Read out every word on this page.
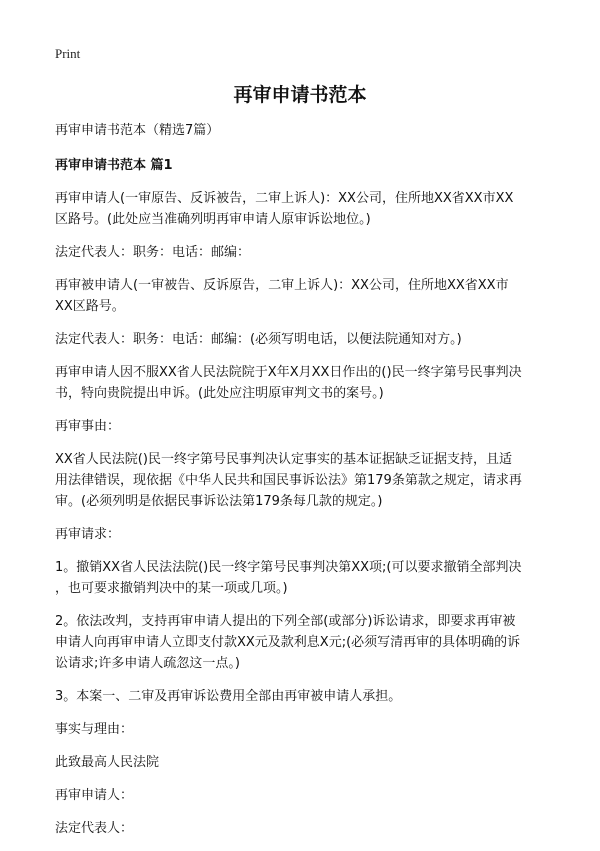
Print
再审申请书范本

再审申请书范本（精选7篇）

再审申请书范本 篇1

再审申请人(一审原告、反诉被告，二审上诉人)：XX公司，住所地XX省XX市XX
区路号。(此处应当准确列明再审申请人原审诉讼地位。)

法定代表人：职务：电话：邮编：

再审被申请人(一审被告、反诉原告，二审上诉人)：XX公司，住所地XX省XX市
XX区路号。

法定代表人：职务：电话：邮编：(必须写明电话，以便法院通知对方。)

再审申请人因不服XX省人民法院院于X年X月XX日作出的()民一终字第号民事判决
书，特向贵院提出申诉。(此处应注明原审判文书的案号。)

再审事由：

XX省人民法院()民一终字第号民事判决认定事实的基本证据缺乏证据支持，且适
用法律错误，现依据《中华人民共和国民事诉讼法》第179条第款之规定，请求再
审。(必须列明是依据民事诉讼法第179条每几款的规定。)

再审请求：

1。撤销XX省人民法法院()民一终字第号民事判决第XX项;(可以要求撤销全部判决
，也可要求撤销判决中的某一项或几项。)

2。依法改判，支持再审申请人提出的下列全部(或部分)诉讼请求，即要求再审被
申请人向再审申请人立即支付款XX元及款利息X元;(必须写清再审的具体明确的诉
讼请求;许多申请人疏忽这一点。)

3。本案一、二审及再审诉讼费用全部由再审被申请人承担。

事实与理由：

此致最高人民法院

再审申请人：

法定代表人：
